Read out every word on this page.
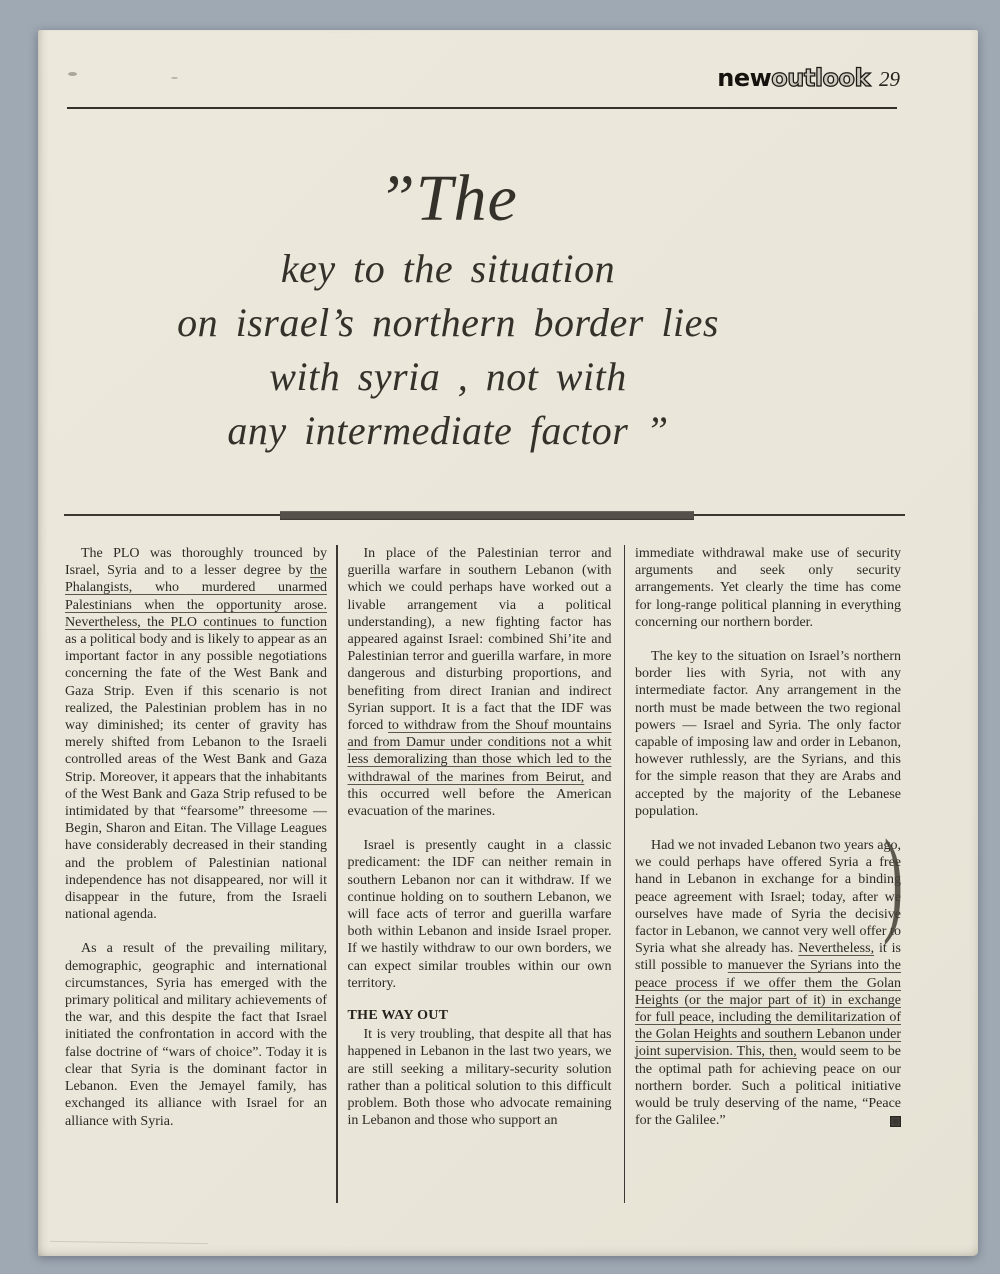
newoutlook 29
”The
key to the situation
on israel’s northern border lies
with syria , not with
any intermediate factor ”

The PLO was thoroughly trounced by Israel, Syria and to a lesser degree by the Phalangists, who murdered unarmed Palestinians when the opportunity arose. Nevertheless, the PLO continues to function as a political body and is likely to appear as an important factor in any possible negotiations concerning the fate of the West Bank and Gaza Strip. Even if this scenario is not realized, the Palestinian problem has in no way diminished; its center of gravity has merely shifted from Lebanon to the Israeli controlled areas of the West Bank and Gaza Strip. Moreover, it appears that the inhabitants of the West Bank and Gaza Strip refused to be intimidated by that “fearsome” threesome — Begin, Sharon and Eitan. The Village Leagues have considerably decreased in their standing and the problem of Palestinian national independence has not disappeared, nor will it disappear in the future, from the Israeli national agenda.

As a result of the prevailing military, demographic, geographic and international circumstances, Syria has emerged with the primary political and military achievements of the war, and this despite the fact that Israel initiated the confrontation in accord with the false doctrine of “wars of choice”. Today it is clear that Syria is the dominant factor in Lebanon. Even the Jemayel family, has exchanged its alliance with Israel for an alliance with Syria.

In place of the Palestinian terror and guerilla warfare in southern Lebanon (with which we could perhaps have worked out a livable arrangement via a political understanding), a new fighting factor has appeared against Israel: combined Shi’ite and Palestinian terror and guerilla warfare, in more dangerous and disturbing proportions, and benefiting from direct Iranian and indirect Syrian support. It is a fact that the IDF was forced to withdraw from the Shouf mountains and from Damur under conditions not a whit less demoralizing than those which led to the withdrawal of the marines from Beirut, and this occurred well before the American evacuation of the marines.

Israel is presently caught in a classic predicament: the IDF can neither remain in southern Lebanon nor can it withdraw. If we continue holding on to southern Lebanon, we will face acts of terror and guerilla warfare both within Lebanon and inside Israel proper. If we hastily withdraw to our own borders, we can expect similar troubles within our own territory.

THE WAY OUT

It is very troubling, that despite all that has happened in Lebanon in the last two years, we are still seeking a military-security solution rather than a political solution to this difficult problem. Both those who advocate remaining in Lebanon and those who support an

immediate withdrawal make use of security arguments and seek only security arrangements. Yet clearly the time has come for long-range political planning in everything concerning our northern border.

The key to the situation on Israel’s northern border lies with Syria, not with any intermediate factor. Any arrangement in the north must be made between the two regional powers — Israel and Syria. The only factor capable of imposing law and order in Lebanon, however ruthlessly, are the Syrians, and this for the simple reason that they are Arabs and accepted by the majority of the Lebanese population.

Had we not invaded Lebanon two years ago, we could perhaps have offered Syria a free hand in Lebanon in exchange for a binding peace agreement with Israel; today, after we ourselves have made of Syria the decisive factor in Lebanon, we cannot very well offer to Syria what she already has. Nevertheless, it is still possible to manuever the Syrians into the peace process if we offer them the Golan Heights (or the major part of it) in exchange for full peace, including the demilitarization of the Golan Heights and southern Lebanon under joint supervision. This, then, would seem to be the optimal path for achieving peace on our northern border. Such a political initiative would be truly deserving of the name, “Peace for the Galilee.”

)
